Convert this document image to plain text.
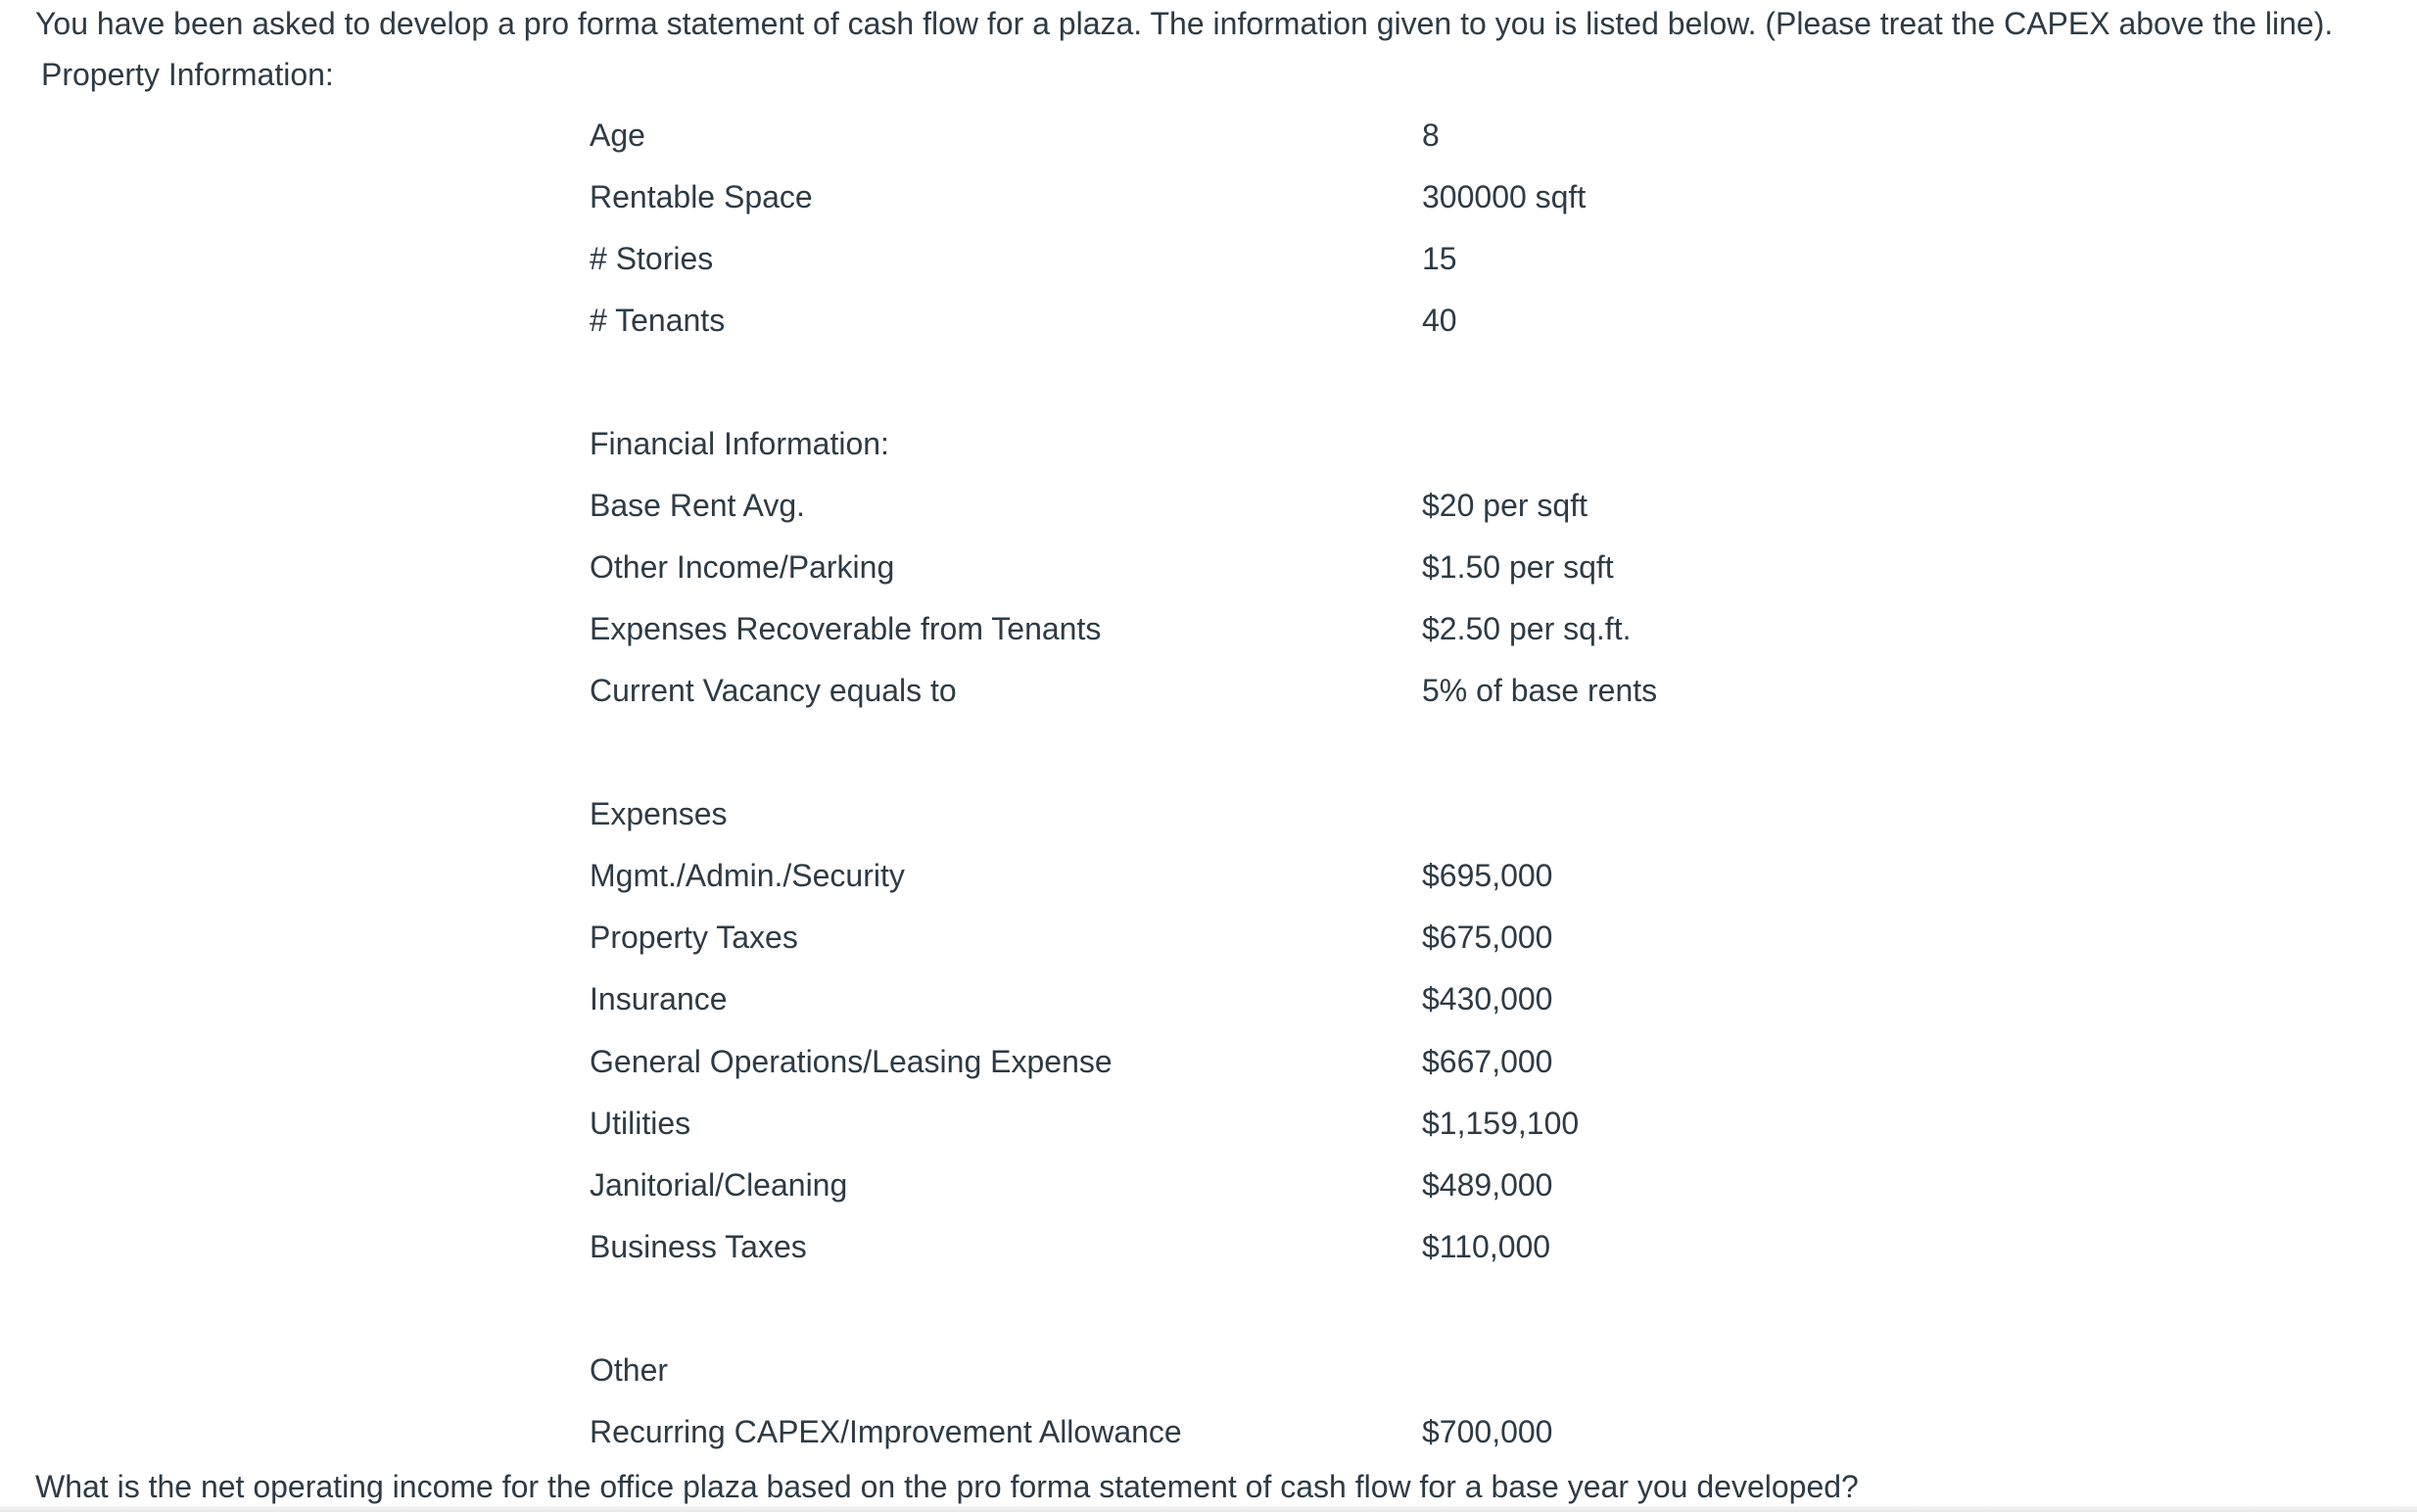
You have been asked to develop a pro forma statement of cash flow for a plaza. The information given to you is listed below. (Please treat the CAPEX above the line).
Property Information:
Age	8
Rentable Space	300000 sqft
# Stories	15
# Tenants	40
Financial Information:
Base Rent Avg.	$20 per sqft
Other Income/Parking	$1.50 per sqft
Expenses Recoverable from Tenants	$2.50 per sq.ft.
Current Vacancy equals to	5% of base rents
Expenses
Mgmt./Admin./Security	$695,000
Property Taxes	$675,000
Insurance	$430,000
General Operations/Leasing Expense	$667,000
Utilities	$1,159,100
Janitorial/Cleaning	$489,000
Business Taxes	$110,000
Other
Recurring CAPEX/Improvement Allowance	$700,000
What is the net operating income for the office plaza based on the pro forma statement of cash flow for a base year you developed?
